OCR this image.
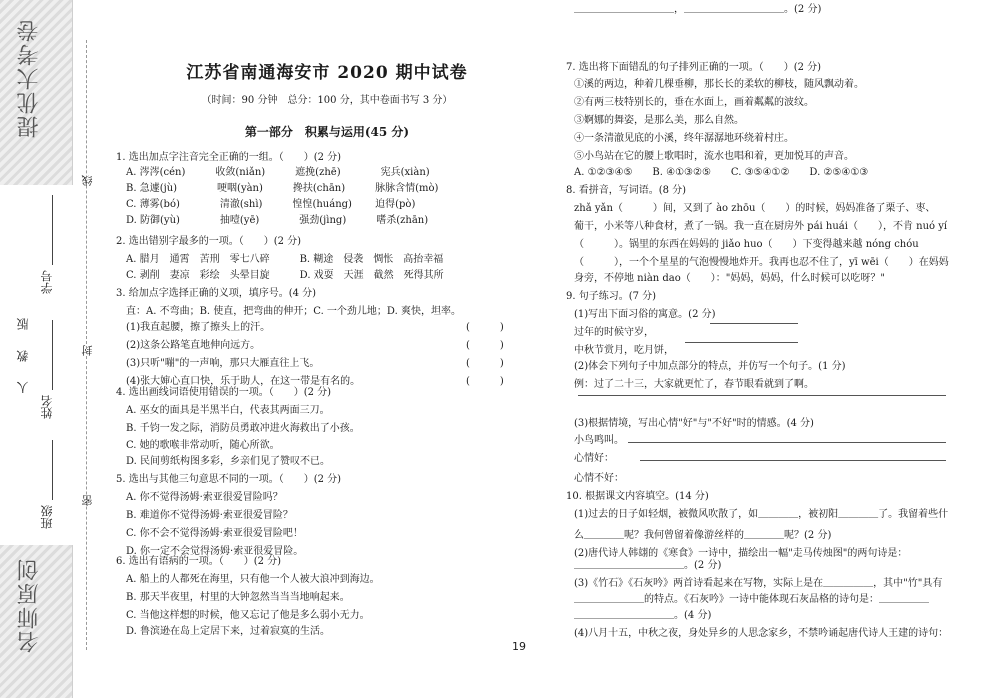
提优大考卷
名师原创
人 教 版
班级
姓名
学号
线
封
密
江苏省南通海安市 2020 期中试卷
（时间：90 分钟　总分：100 分，其中卷面书写 3 分）
第一部分　积累与运用(45 分)
1. 选出加点字注音完全正确的一组。（　　）(2 分)
A. 涔涔(cén)　　　收敛(niǎn)　　　遮挽(zhē)　　　　宪兵(xiàn)
B. 急遽(jù)　　　　哽咽(yàn)　　　搀扶(chān)　　　脉脉含情(mò)
C. 薄雾(bó)　　　　清澈(shì)　　　惶惶(huáng)　　 迫得(pò)
D. 防御(yù)　　　　抽噎(yē)　　　　强劲(jìng)　　　嗜杀(zhān)
2. 选出错别字最多的一项。（　　）(2 分)
A. 腊月　通霄　苦刑　零七八碎　　　B. 糊途　侵袭　惆怅　高抬幸福
C. 剥削　妻凉　彩绘　头晕目旋　　　D. 戏耍　天涯　截然　死得其所
3. 给加点字选择正确的义项，填序号。(4 分)
直：A. 不弯曲；B. 使直，把弯曲的伸开；C. 一个劲儿地；D. 爽快，坦率。
(1)我直起腰，擦了擦头上的汗。
(2)这条公路笔直地伸向远方。
(3)只听"嘣"的一声响，那只大雁直往上飞。
(4)张大婶心直口快，乐于助人，在这一带是有名的。
4. 选出画线词语使用错误的一项。（　　）(2 分)
A. 巫女的面具是半黑半白，代表其两面三刀。
B. 千钧一发之际，消防员勇敢冲进火海救出了小孩。
C. 她的歌喉非常动听，随心所欲。
D. 民间剪纸构图多彩，乡亲们见了赞叹不已。
5. 选出与其他三句意思不同的一项。（　　）(2 分)
A. 你不觉得汤姆·索亚很爱冒险吗？
B. 难道你不觉得汤姆·索亚很爱冒险？
C. 你不会不觉得汤姆·索亚很爱冒险吧！
D. 你一定不会觉得汤姆·索亚很爱冒险。
6. 选出有语病的一项。（　　）(2 分)
A. 船上的人都死在海里，只有他一个人被大浪冲到海边。
B. 那天半夜里，村里的大钟忽然当当当地响起来。
C. 当他这样想的时候，他又忘记了他是多么弱小无力。
D. 鲁滨逊在岛上定居下来，过着寂寞的生活。
7. 选出将下面错乱的句子排列正确的一项。（　　）(2 分)
①溪的两边，种着几棵垂柳，那长长的柔软的柳枝，随风飘动着。
②有两三枝特别长的，垂在水面上，画着粼粼的波纹。
③婀娜的舞姿，是那么美，那么自然。
④一条清澈见底的小溪，终年潺潺地环绕着村庄。
⑤小鸟站在它的腰上歌唱时，流水也唱和着，更加悦耳的声音。
A. ①②③④⑤　　B. ④①③②⑤　　C. ③⑤④①②　　D. ②⑤④①③
8. 看拼音，写词语。(8 分)
zhǎ yǎn（　　　）间，又到了 ào zhōu（　　）的时候，妈妈准备了栗子、枣、
葡干，小米等八种食材，煮了一锅。我一直在厨房外 pái huái（　　），不肯 nuó yí
（　　　）。锅里的东西在妈妈的 jiǎo huo（　　）下变得越来越 nóng chóu
（　　　），一个个星星的气泡慢慢地炸开。我再也忍不住了，yī wēi（　　）在妈妈
身旁，不停地 niàn dao（　　）："妈妈，妈妈，什么时候可以吃呀？"
9. 句子练习。(7 分)
(1)写出下面习俗的寓意。(2 分)
过年的时候守岁，
中秋节赏月，吃月饼，
(2)体会下列句子中加点部分的特点，并仿写一个句子。(1 分)
例：过了二十三，大家就更忙了，春节眼看就到了啊。
(3)根据情境，写出心情"好"与"不好"时的情感。(4 分)
小鸟鸣叫。
心情好：
心情不好：
10. 根据课文内容填空。(14 分)
(1)过去的日子如轻烟，被微风吹散了，如＿＿＿＿，被初阳＿＿＿＿了。我留着些什
么＿＿＿＿呢？我何曾留着像游丝样的＿＿＿＿呢？(2 分)
(2)唐代诗人韩翃的《寒食》一诗中，描绘出一幅"走马传烛图"的两句诗是：
＿＿＿＿＿＿＿＿＿＿＿。(2 分)
(3)《竹石》《石灰吟》两首诗看起来在写物，实际上是在＿＿＿＿＿，其中"竹"具有
＿＿＿＿＿＿＿的特点。《石灰吟》一诗中能体现石灰品格的诗句是：＿＿＿＿＿
＿＿＿＿＿＿＿＿＿＿。(4 分)
(4)八月十五，中秋之夜，身处异乡的人思念家乡，不禁吟诵起唐代诗人王建的诗句：
＿＿＿＿＿＿＿＿＿＿，＿＿＿＿＿＿＿＿＿＿。(2 分)
(　　　)
(　　　)
(　　　)
(　　　)
19
